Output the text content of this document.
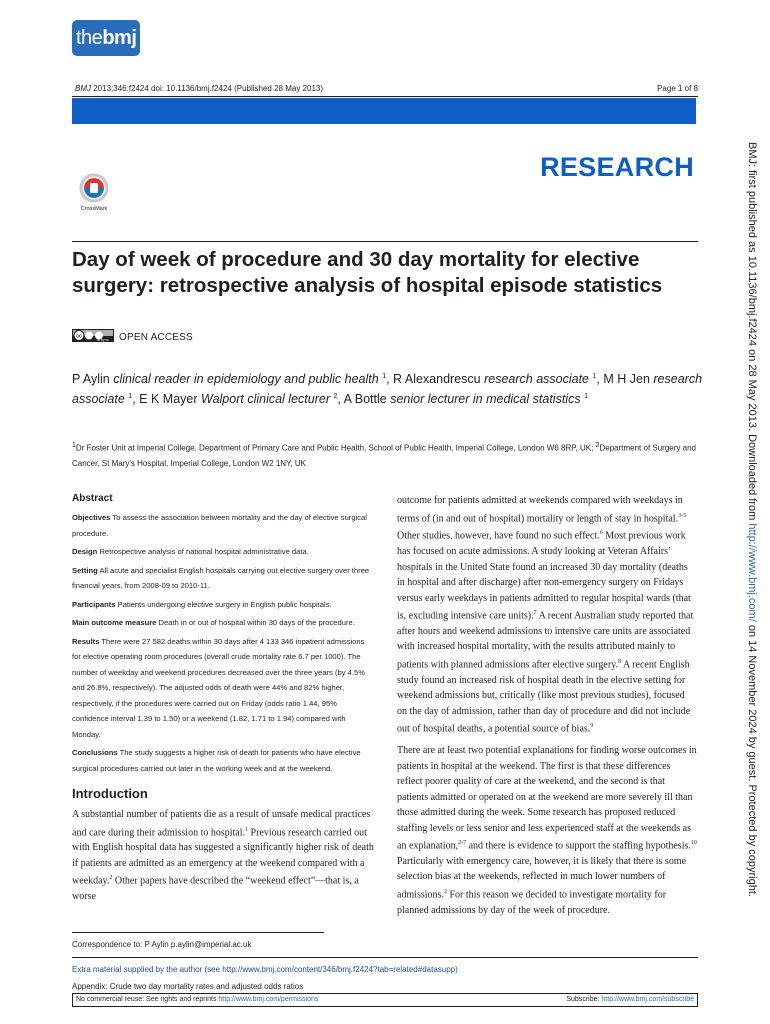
thebmj
BMJ 2013;346:f2424 doi: 10.1136/bmj.f2424 (Published 28 May 2013)	Page 1 of 8
RESEARCH
CrossMark
Day of week of procedure and 30 day mortality for elective surgery: retrospective analysis of hospital episode statistics
cc
cc by nc OPEN ACCESS
P Aylin clinical reader in epidemiology and public health $^1$, R Alexandrescu research associate $^1$, M H Jen research associate $^1$, E K Mayer Walport clinical lecturer $^2$, A Bottle senior lecturer in medical statistics $^1$
$^1$Dr Foster Unit at Imperial College, Department of Primary Care and Public Health, School of Public Health, Imperial College, London W6 8RP, UK; $^2$Department of Surgery and Cancer, St Mary's Hospital, Imperial College, London W2 1NY, UK
Abstract
Objectives To assess the association between mortality and the day of elective surgical procedure.
Design Retrospective analysis of national hospital administrative data.
Setting All acute and specialist English hospitals carrying out elective surgery over three financial years, from 2008-09 to 2010-11.
Participants Patients undergoing elective surgery in English public hospitals.
Main outcome measure Death in or out of hospital within 30 days of the procedure.
Results There were 27 582 deaths within 30 days after 4 133 346 inpatient admissions for elective operating room procedures (overall crude mortality rate 6.7 per 1000). The number of weekday and weekend procedures decreased over the three years (by 4.5% and 26.8%, respectively). The adjusted odds of death were 44% and 82% higher, respectively, if the procedures were carried out on Friday (odds ratio 1.44, 95% confidence interval 1.39 to 1.50) or a weekend (1.82, 1.71 to 1.94) compared with Monday.
Conclusions The study suggests a higher risk of death for patients who have elective surgical procedures carried out later in the working week and at the weekend.
Introduction
A substantial number of patients die as a result of unsafe medical practices and care during their admission to hospital.$^1$ Previous research carried out with English hospital data has suggested a significantly higher risk of death if patients are admitted as an emergency at the weekend compared with a weekday.$^2$ Other papers have described the “weekend effect”—that is, a worse

outcome for patients admitted at weekends compared with weekdays in terms of (in and out of hospital) mortality or length of stay in hospital.$^{3-5}$ Other studies, however, have found no such effect.$^6$ Most previous work has focused on acute admissions. A study looking at Veteran Affairs’ hospitals in the United State found an increased 30 day mortality (deaths in hospital and after discharge) after non-emergency surgery on Fridays versus early weekdays in patients admitted to regular hospital wards (that is, excluding intensive care units).$^7$ A recent Australian study reported that after hours and weekend admissions to intensive care units are associated with increased hospital mortality, with the results attributed mainly to patients with planned admissions after elective surgery.$^8$ A recent English study found an increased risk of hospital death in the elective setting for weekend admissions but, critically (like most previous studies), focused on the day of admission, rather than day of procedure and did not include out of hospital deaths, a potential source of bias.$^9$

There are at least two potential explanations for finding worse outcomes in patients in hospital at the weekend. The first is that these differences reflect poorer quality of care at the weekend, and the second is that patients admitted or operated on at the weekend are more severely ill than those admitted during the week. Some research has proposed reduced staffing levels or less senior and less experienced staff at the weekends as an explanation,$^{2-7}$ and there is evidence to support the staffing hypothesis.$^{10}$ Particularly with emergency care, however, it is likely that there is some selection bias at the weekends, reflected in much lower numbers of admissions.$^2$ For this reason we decided to investigate mortality for planned admissions by day of the week of procedure.

Correspondence to: P Aylin p.aylin@imperial.ac.uk
Extra material supplied by the author (see http://www.bmj.com/content/346/bmj.f2424?tab=related#datasupp)
Appendix: Crude two day mortality rates and adjusted odds ratios
No commercial reuse: See rights and reprints http://www.bmj.com/permissions	Subscribe: http://www.bmj.com/subscribe
BMJ: first published as 10.1136/bmj.f2424 on 28 May 2013. Downloaded from http://www.bmj.com/ on 14 November 2024 by guest. Protected by copyright.
